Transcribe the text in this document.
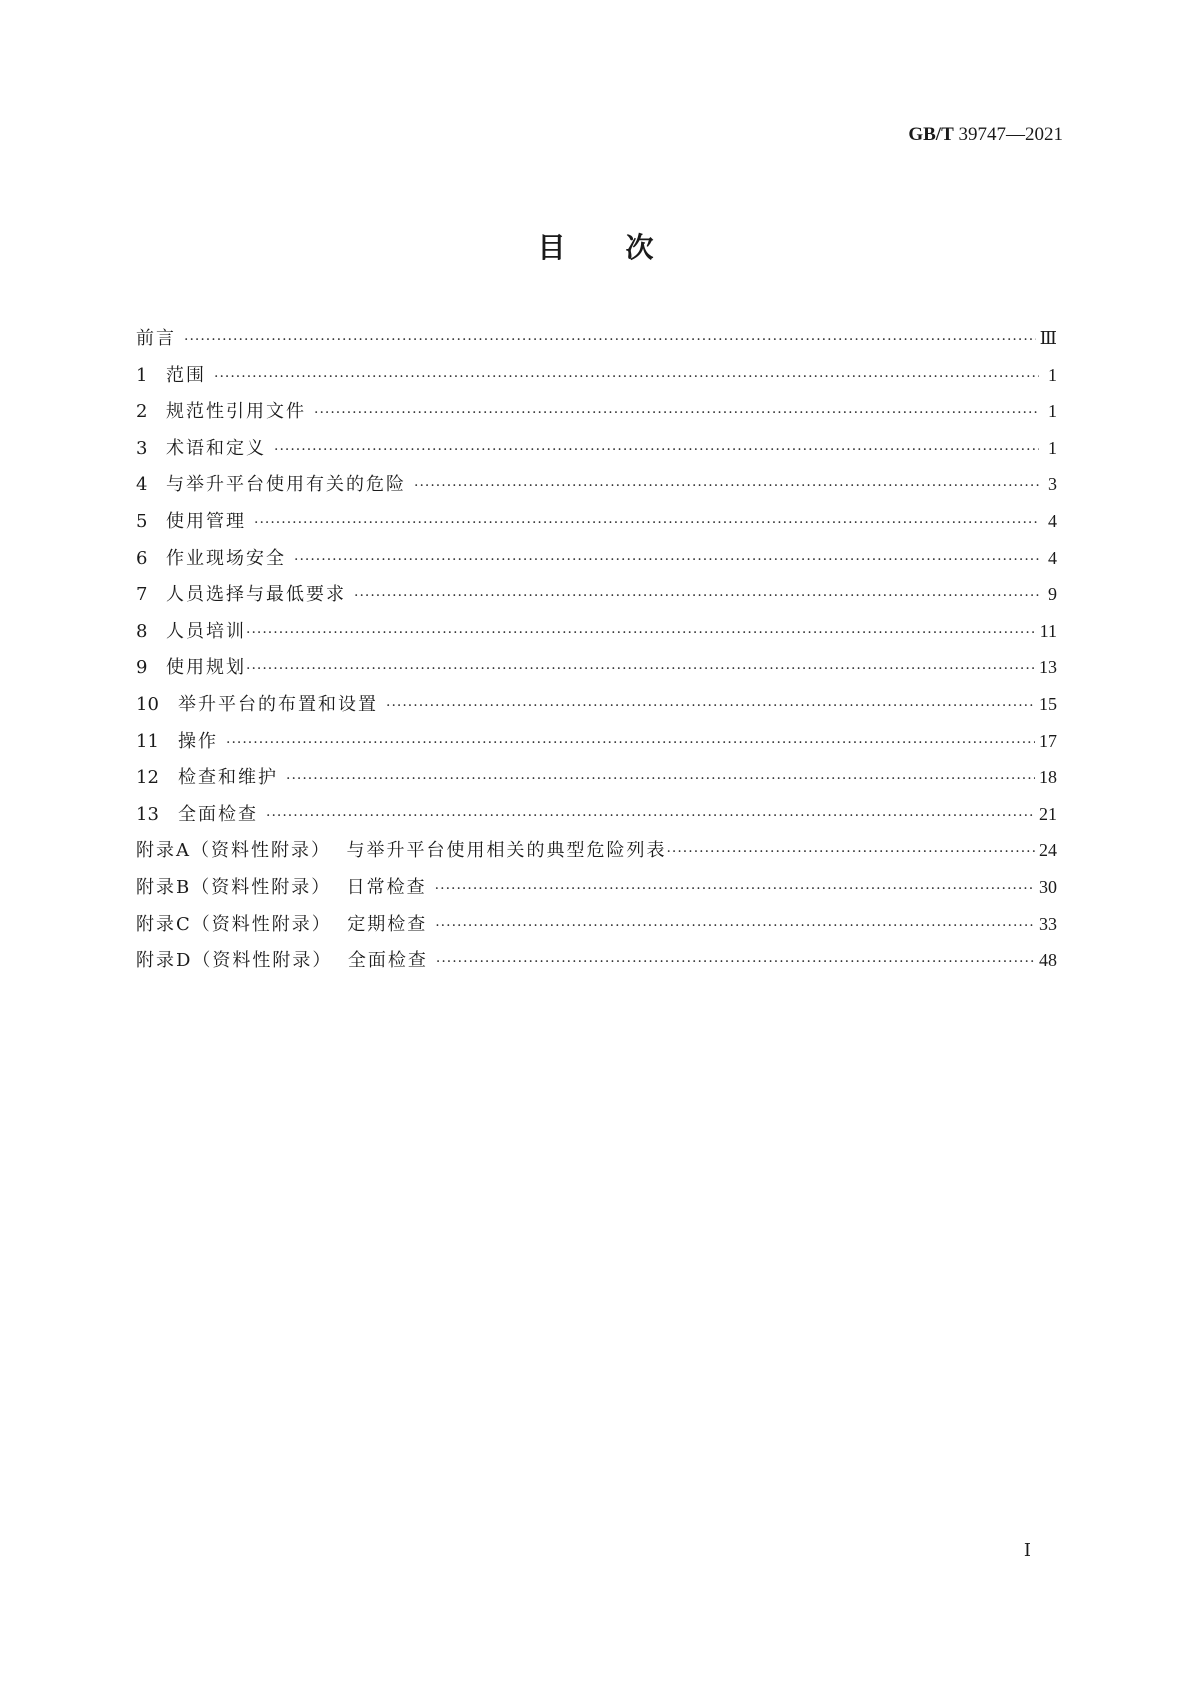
GB/T 39747—2021
目次
前言 ·····	Ⅲ
1	范围 ·····	1
2	规范性引用文件 ·····	1
3	术语和定义 ·····	1
4	与举升平台使用有关的危险 ·····	3
5	使用管理 ·····	4
6	作业现场安全 ·····	4
7	人员选择与最低要求 ·····	9
8	人员培训 ·····	11
9	使用规划 ·····	13
10	举升平台的布置和设置 ·····	15
11	操作 ·····	17
12	检查和维护 ·····	18
13	全面检查 ·····	21
附录A（资料性附录）  与举升平台使用相关的典型危险列表 ·····	24
附录B（资料性附录）  日常检查 ·····	30
附录C（资料性附录）  定期检查 ·····	33
附录D（资料性附录）  全面检查 ·····	48
I
